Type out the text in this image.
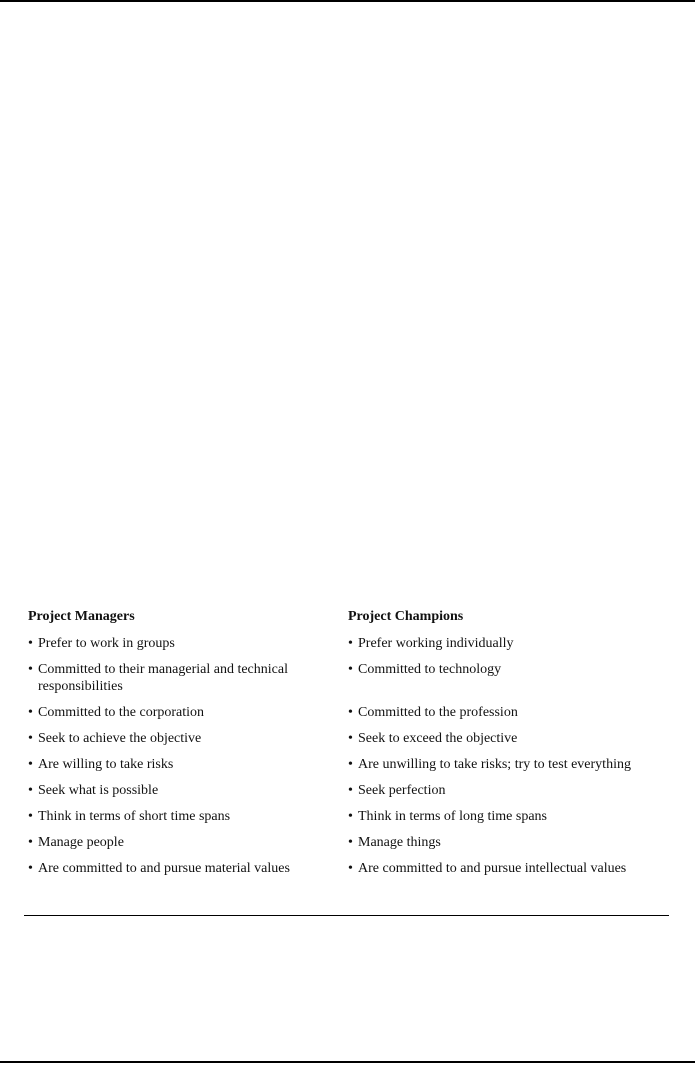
Project Managers	Project Champions

• Prefer to work in groups	• Prefer working individually

• Committed to their managerial and technical responsibilities	• Committed to technology

• Committed to the corporation	• Committed to the profession

• Seek to achieve the objective	• Seek to exceed the objective

• Are willing to take risks	• Are unwilling to take risks; try to test everything

• Seek what is possible	• Seek perfection

• Think in terms of short time spans	• Think in terms of long time spans

• Manage people	• Manage things

• Are committed to and pursue material values	• Are committed to and pursue intellectual values
